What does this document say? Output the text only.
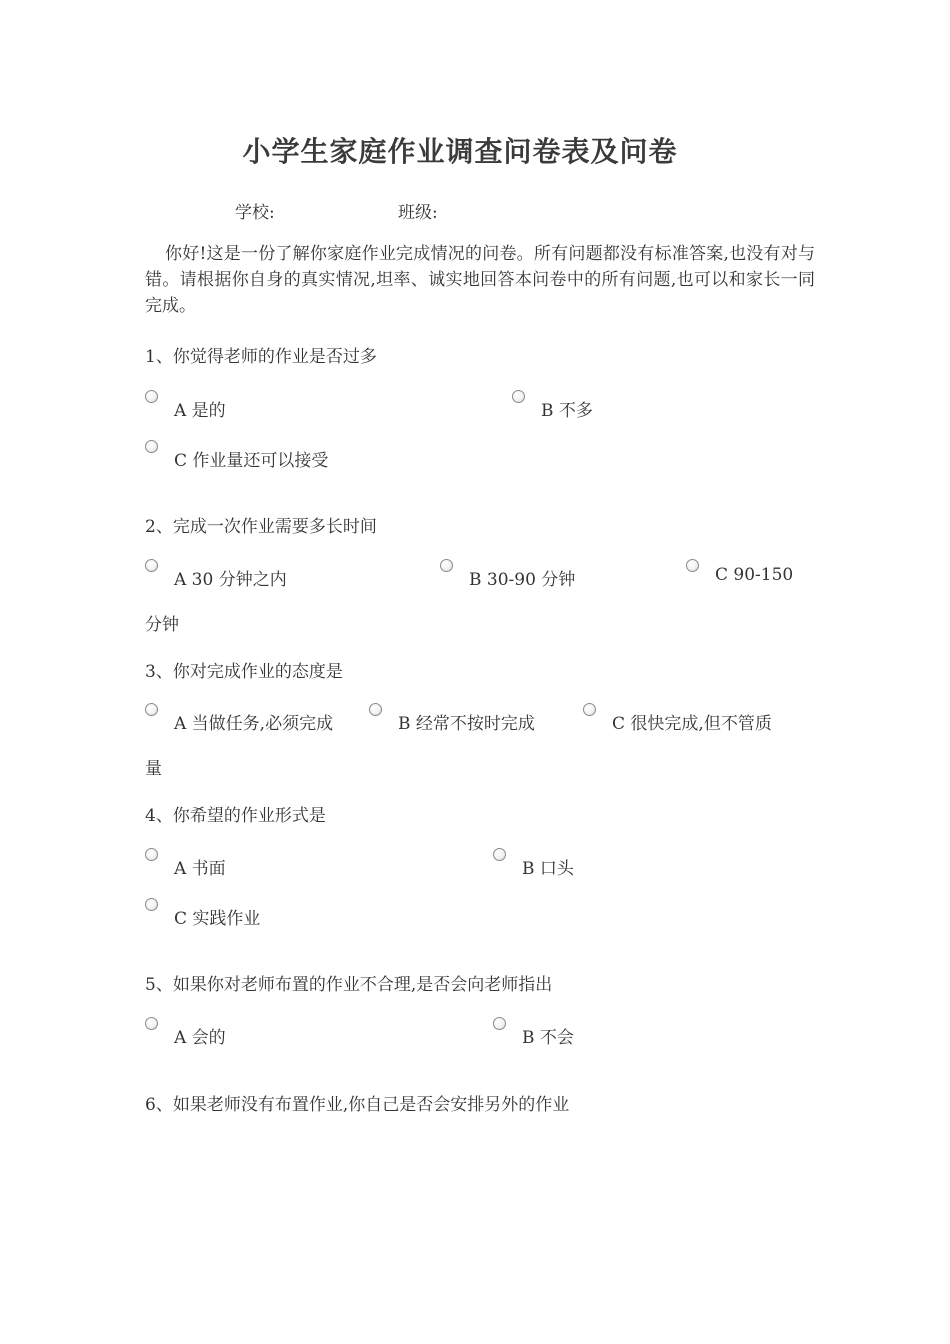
小学生家庭作业调查问卷表及问卷
学校:	班级:
你好!这是一份了解你家庭作业完成情况的问卷。所有问题都没有标准答案,也没有对与错。请根据你自身的真实情况,坦率、诚实地回答本问卷中的所有问题,也可以和家长一同完成。
1、你觉得老师的作业是否过多
A 是的	B 不多
C 作业量还可以接受
2、完成一次作业需要多长时间
A 30 分钟之内	B 30-90 分钟	C 90-150
分钟
3、你对完成作业的态度是
A 当做任务,必须完成	B 经常不按时完成	C 很快完成,但不管质
量
4、你希望的作业形式是
A 书面	B 口头
C 实践作业
5、如果你对老师布置的作业不合理,是否会向老师指出
A 会的	B 不会
6、如果老师没有布置作业,你自己是否会安排另外的作业
